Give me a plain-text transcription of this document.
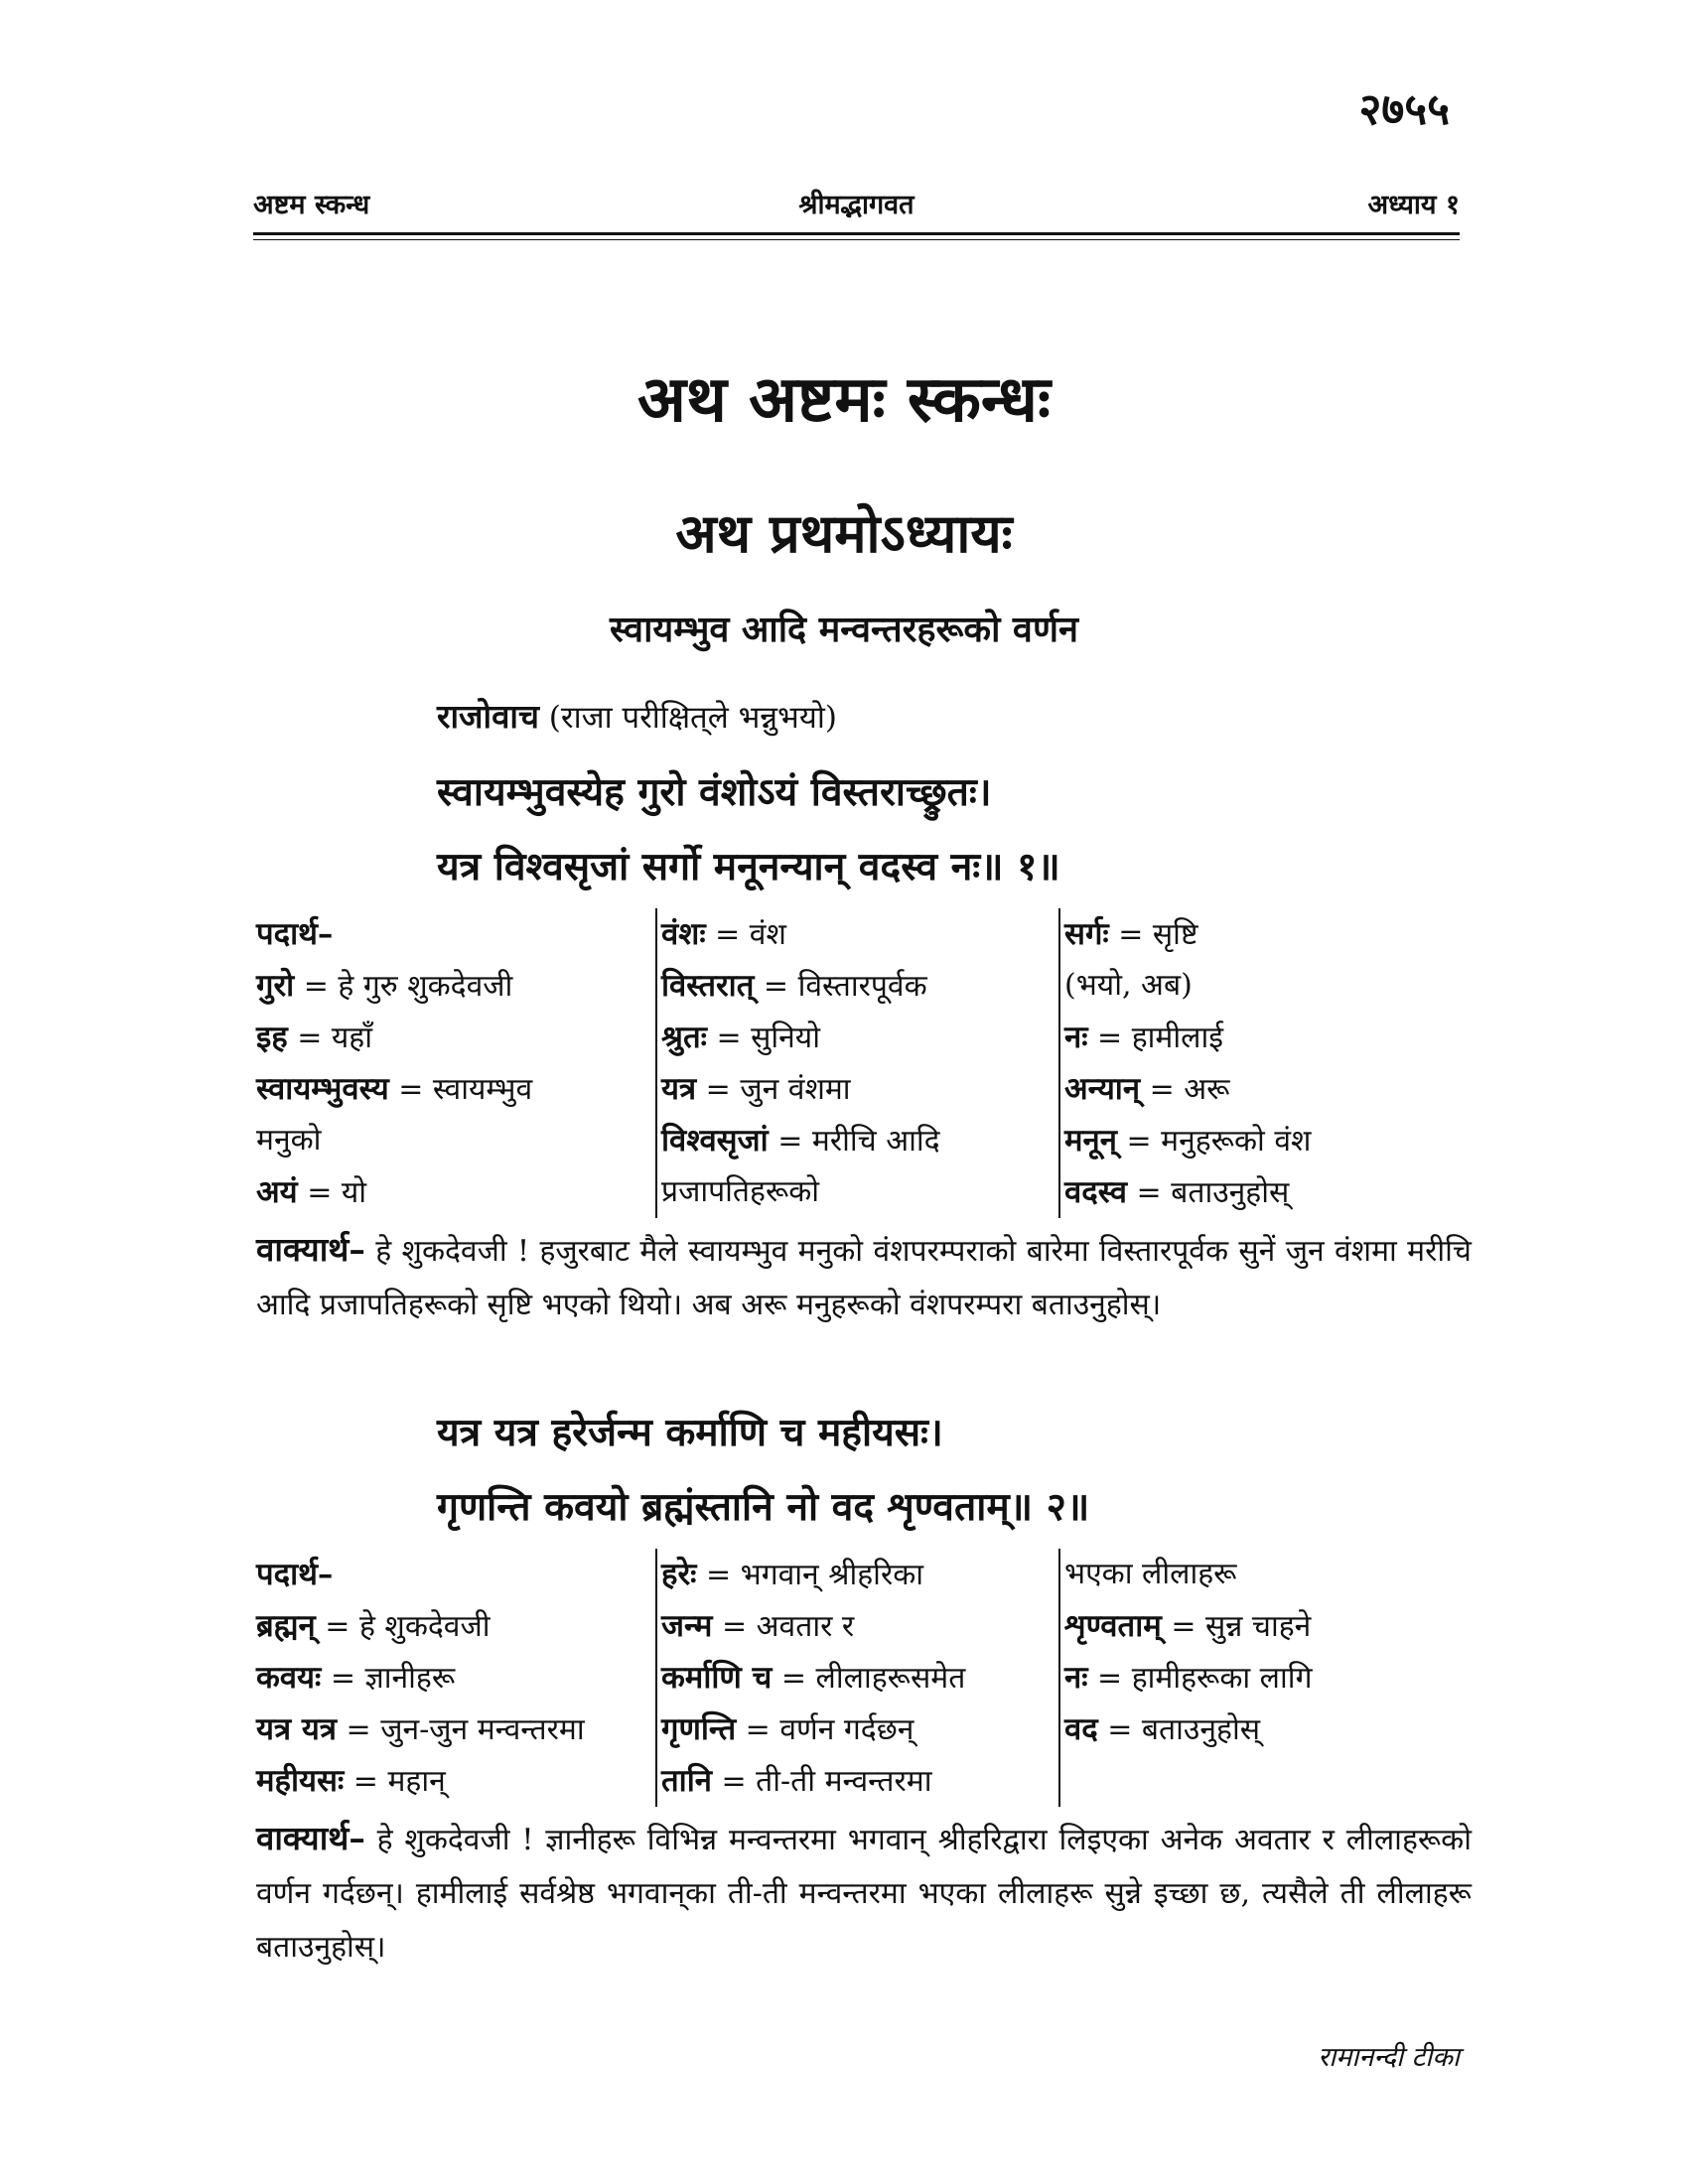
२७५५
अष्टम स्कन्ध	श्रीमद्भागवत	अध्याय १
अथ अष्टमः स्कन्धः
अथ प्रथमोऽध्यायः
स्वायम्भुव आदि मन्वन्तरहरूको वर्णन
राजोवाच (राजा परीक्षित्‌ले भन्नुभयो)
स्वायम्भुवस्येह गुरो वंशोऽयं विस्तराच्छ्रुतः।
यत्र विश्वसृजां सर्गो मनूनन्यान् वदस्व नः॥ १॥
पदार्थ–
गुरो = हे गुरु शुकदेवजी
इह = यहाँ
स्वायम्भुवस्य = स्वायम्भुव
मनुको
अयं = यो
वंशः = वंश
विस्तरात् = विस्तारपूर्वक
श्रुतः = सुनियो
यत्र = जुन वंशमा
विश्वसृजां = मरीचि आदि
प्रजापतिहरूको
सर्गः = सृष्टि
(भयो, अब)
नः = हामीलाई
अन्यान् = अरू
मनून् = मनुहरूको वंश
वदस्व = बताउनुहोस्
वाक्यार्थ– हे शुकदेवजी ! हजुरबाट मैले स्वायम्भुव मनुको वंशपरम्पराको बारेमा विस्तारपूर्वक सुनें जुन वंशमा मरीचि आदि प्रजापतिहरूको सृष्टि भएको थियो। अब अरू मनुहरूको वंशपरम्परा बताउनुहोस्।
यत्र यत्र हरेर्जन्म कर्माणि च महीयसः।
गृणन्ति कवयो ब्रह्मंस्तानि नो वद शृण्वताम्॥ २॥
पदार्थ–
ब्रह्मन् = हे शुकदेवजी
कवयः = ज्ञानीहरू
यत्र यत्र = जुन-जुन मन्वन्तरमा
महीयसः = महान्
हरेः = भगवान् श्रीहरिका
जन्म = अवतार र
कर्माणि च = लीलाहरूसमेत
गृणन्ति = वर्णन गर्दछन्
तानि = ती-ती मन्वन्तरमा
भएका लीलाहरू
शृण्वताम् = सुन्न चाहने
नः = हामीहरूका लागि
वद = बताउनुहोस्
वाक्यार्थ– हे शुकदेवजी ! ज्ञानीहरू विभिन्न मन्वन्तरमा भगवान् श्रीहरिद्वारा लिइएका अनेक अवतार र लीलाहरूको वर्णन गर्दछन्। हामीलाई सर्वश्रेष्ठ भगवान्‌का ती-ती मन्वन्तरमा भएका लीलाहरू सुन्ने इच्छा छ, त्यसैले ती लीलाहरू बताउनुहोस्।
रामानन्दी टीका
